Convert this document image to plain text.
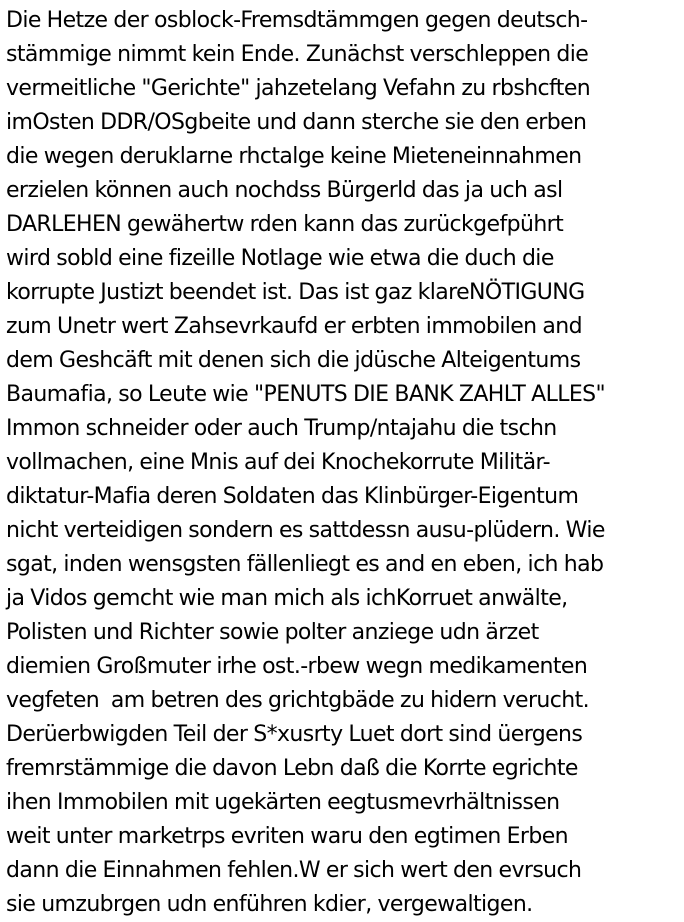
Die Hetze der osblock-Fremsdtämmgen gegen deutsch-
stämmige nimmt kein Ende. Zunächst verschleppen die
vermeitliche "Gerichte" jahzetelang Vefahn zu rbshcften
imOsten DDR/OSgbeite und dann sterche sie den erben
die wegen deruklarne rhctalge keine Mieteneinnahmen
erzielen können auch nochdss Bürgerld das ja uch asl
DARLEHEN gewähertw rden kann das zurückgefpührt
wird sobld eine fizeille Notlage wie etwa die duch die
korrupte Justizt beendet ist. Das ist gaz klareNÖTIGUNG
zum Unetr wert Zahsevrkaufd er erbten immobilen and
dem Geshcäft mit denen sich die jdüsche Alteigentums
Baumafia, so Leute wie "PENUTS DIE BANK ZAHLT ALLES"
Immon schneider oder auch Trump/ntajahu die tschn
vollmachen, eine Mnis auf dei Knochekorrute Militär-
diktatur-Mafia deren Soldaten das Klinbürger-Eigentum
nicht verteidigen sondern es sattdessn ausu-plüdern. Wie
sgat, inden wensgsten fällenliegt es and en eben, ich hab
ja Vidos gemcht wie man mich als ichKorruet anwälte,
Polisten und Richter sowie polter anziege udn ärzet
diemien Großmuter irhe ost.-rbew wegn medikamenten
vegfeten  am betren des grichtgbäde zu hidern verucht.
Derüerbwigden Teil der S*xusrty Luet dort sind üergens
fremrstämmige die davon Lebn daß die Korrte egrichte
ihen Immobilen mit ugekärten eegtusmevrhältnissen
weit unter marketrps evriten waru den egtimen Erben
dann die Einnahmen fehlen.W er sich wert den evrsuch
sie umzubrgen udn enführen kdier, vergewaltigen.
